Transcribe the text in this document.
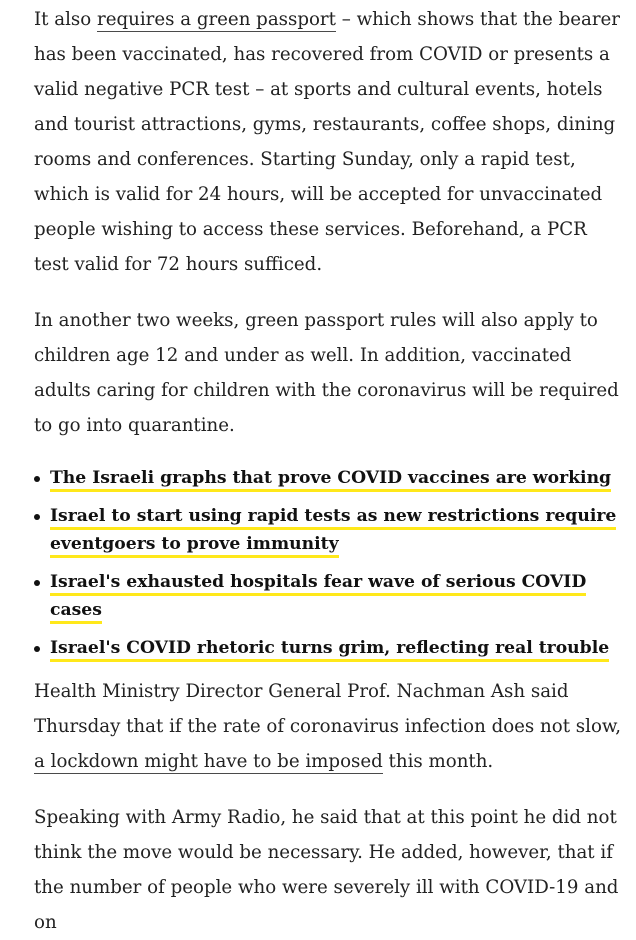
It also requires a green passport – which shows that the bearer has been vaccinated, has recovered from COVID or presents a valid negative PCR test – at sports and cultural events, hotels and tourist attractions, gyms, restaurants, coffee shops, dining rooms and conferences. Starting Sunday, only a rapid test, which is valid for 24 hours, will be accepted for unvaccinated people wishing to access these services. Beforehand, a PCR test valid for 72 hours sufficed.

In another two weeks, green passport rules will also apply to children age 12 and under as well. In addition, vaccinated adults caring for children with the coronavirus will be required to go into quarantine.

The Israeli graphs that prove COVID vaccines are working
Israel to start using rapid tests as new restrictions require eventgoers to prove immunity
Israel's exhausted hospitals fear wave of serious COVID cases
Israel's COVID rhetoric turns grim, reflecting real trouble

Health Ministry Director General Prof. Nachman Ash said Thursday that if the rate of coronavirus infection does not slow, a lockdown might have to be imposed this month.

Speaking with Army Radio, he said that at this point he did not think the move would be necessary. He added, however, that if the number of people who were severely ill with COVID-19 and on
